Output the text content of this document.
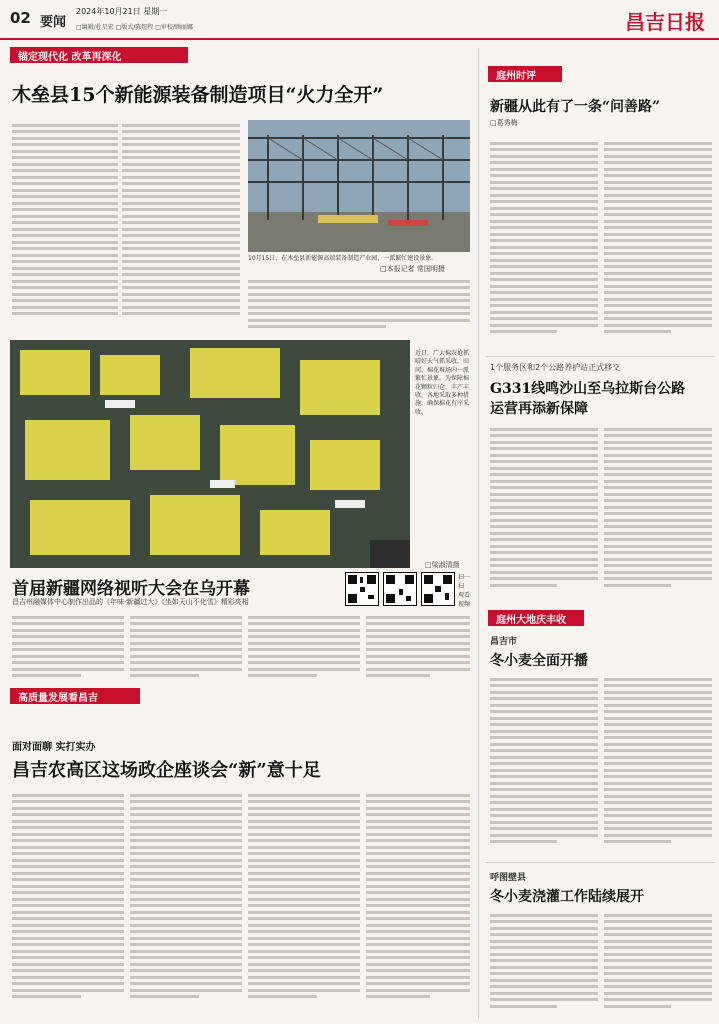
02 要闻
2024年10月21日 星期一
□编辑/杜星宏 □版式/陈煜程 □审校/顾丽娜	昌吉日报
锚定现代化 改革再深化
木垒县15个新能源装备制造项目“火力全开”
10月15日，在木垒县新能源高端装备制造产业园，一派繁忙建设景象。
□本报记者 常国明摄
近日，广大棉农抢抓晴好天气抓采收，田间、棉花堆场内一派繁忙景象。为保障棉花颗粒归仓、丰产丰收，各地采取多种措施，确保棉花有序采收。
□梁淑清摄
首届新疆网络视听大会在乌开幕
昌吉州融媒体中心制作出品的《年味·新疆过大》《坐如天山不化雪》精彩亮相
扫一扫 观看视频
高质量发展看昌吉
面对面聊 实打实办
昌吉农高区这场政企座谈会“新”意十足
庭州时评
新疆从此有了一条“问善路”
□葛秀梅
1个服务区和2个公路养护站正式移交
G331线鸣沙山至乌拉斯台公路
运营再添新保障
庭州大地庆丰收
昌吉市
冬小麦全面开播
呼图壁县
冬小麦浇灌工作陆续展开
